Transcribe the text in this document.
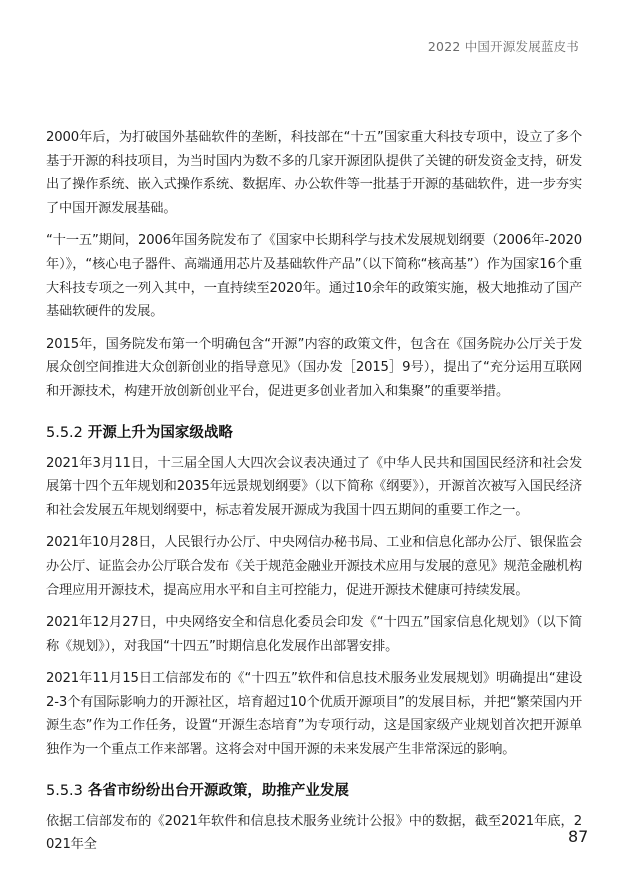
2022 中国开源发展蓝皮书

2000年后，为打破国外基础软件的垄断，科技部在“十五”国家重大科技专项中，设立了多个基于开源的科技项目，为当时国内为数不多的几家开源团队提供了关键的研发资金支持，研发出了操作系统、嵌入式操作系统、数据库、办公软件等一批基于开源的基础软件，进一步夯实了中国开源发展基础。

“十一五”期间，2006年国务院发布了《国家中长期科学与技术发展规划纲要（2006年-2020年）》，“核心电子器件、高端通用芯片及基础软件产品”（以下简称“核高基”）作为国家16个重大科技专项之一列入其中，一直持续至2020年。通过10余年的政策实施，极大地推动了国产基础软硬件的发展。

2015年，国务院发布第一个明确包含“开源”内容的政策文件，包含在《国务院办公厅关于发展众创空间推进大众创新创业的指导意见》（国办发［2015］9号），提出了“充分运用互联网和开源技术，构建开放创新创业平台，促进更多创业者加入和集聚”的重要举措。

5.5.2 开源上升为国家级战略

2021年3月11日，十三届全国人大四次会议表决通过了《中华人民共和国国民经济和社会发展第十四个五年规划和2035年远景规划纲要》（以下简称《纲要》），开源首次被写入国民经济和社会发展五年规划纲要中，标志着发展开源成为我国十四五期间的重要工作之一。

2021年10月28日，人民银行办公厅、中央网信办秘书局、工业和信息化部办公厅、银保监会办公厅、证监会办公厅联合发布《关于规范金融业开源技术应用与发展的意见》规范金融机构合理应用开源技术，提高应用水平和自主可控能力，促进开源技术健康可持续发展。

2021年12月27日，中央网络安全和信息化委员会印发《“十四五”国家信息化规划》（以下简称《规划》），对我国“十四五”时期信息化发展作出部署安排。

2021年11月15日工信部发布的《“十四五”软件和信息技术服务业发展规划》明确提出“建设2-3个有国际影响力的开源社区，培育超过10个优质开源项目”的发展目标，并把“繁荣国内开源生态”作为工作任务，设置“开源生态培育”为专项行动，这是国家级产业规划首次把开源单独作为一个重点工作来部署。这将会对中国开源的未来发展产生非常深远的影响。

5.5.3 各省市纷纷出台开源政策，助推产业发展

依据工信部发布的《2021年软件和信息技术服务业统计公报》中的数据，截至2021年底，2021年全	87
